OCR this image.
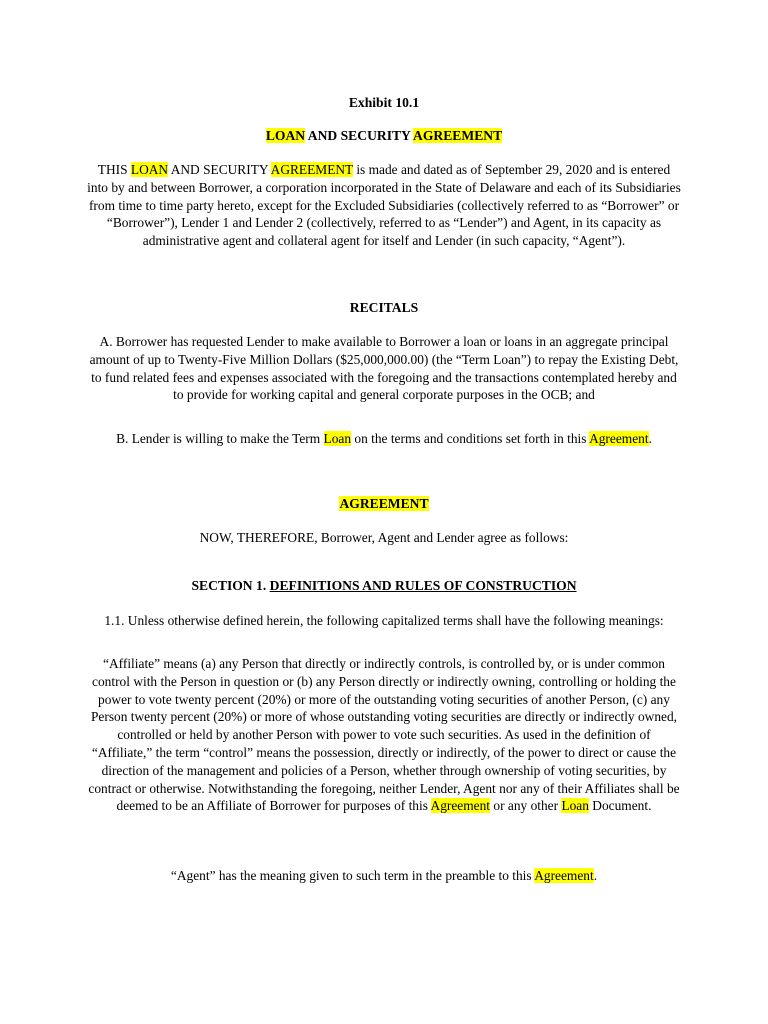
Exhibit 10.1
LOAN AND SECURITY AGREEMENT
THIS LOAN AND SECURITY AGREEMENT is made and dated as of September 29, 2020 and is entered into by and between Borrower, a corporation incorporated in the State of Delaware and each of its Subsidiaries from time to time party hereto, except for the Excluded Subsidiaries (collectively referred to as “Borrower” or “Borrower”), Lender 1 and Lender 2 (collectively, referred to as “Lender”) and Agent, in its capacity as administrative agent and collateral agent for itself and Lender (in such capacity, “Agent”).
RECITALS
A. Borrower has requested Lender to make available to Borrower a loan or loans in an aggregate principal amount of up to Twenty-Five Million Dollars ($25,000,000.00) (the “Term Loan”) to repay the Existing Debt, to fund related fees and expenses associated with the foregoing and the transactions contemplated hereby and to provide for working capital and general corporate purposes in the OCB; and
B. Lender is willing to make the Term Loan on the terms and conditions set forth in this Agreement.
AGREEMENT
NOW, THEREFORE, Borrower, Agent and Lender agree as follows:
SECTION 1. DEFINITIONS AND RULES OF CONSTRUCTION
1.1. Unless otherwise defined herein, the following capitalized terms shall have the following meanings:
“Affiliate” means (a) any Person that directly or indirectly controls, is controlled by, or is under common control with the Person in question or (b) any Person directly or indirectly owning, controlling or holding the power to vote twenty percent (20%) or more of the outstanding voting securities of another Person, (c) any Person twenty percent (20%) or more of whose outstanding voting securities are directly or indirectly owned, controlled or held by another Person with power to vote such securities. As used in the definition of “Affiliate,” the term “control” means the possession, directly or indirectly, of the power to direct or cause the direction of the management and policies of a Person, whether through ownership of voting securities, by contract or otherwise. Notwithstanding the foregoing, neither Lender, Agent nor any of their Affiliates shall be deemed to be an Affiliate of Borrower for purposes of this Agreement or any other Loan Document.
“Agent” has the meaning given to such term in the preamble to this Agreement.
